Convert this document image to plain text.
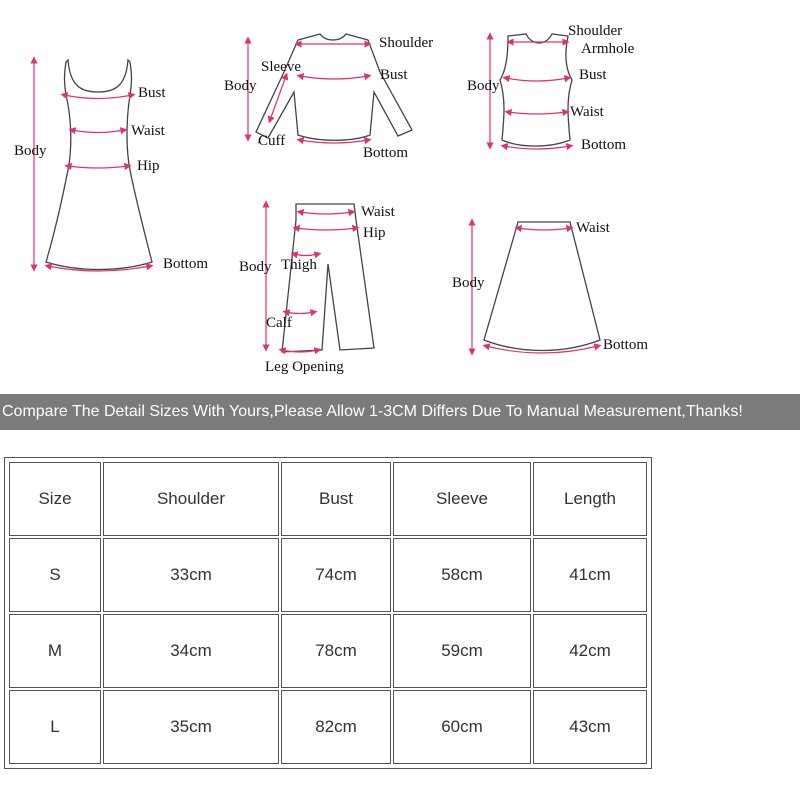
Bust
Waist
Body
Hip
Bottom
Shoulder
Sleeve	Bust
Body
Cuff
Bottom
Shoulder
Armhole
Bust
Body
Waist
Bottom
Waist
Hip
Body Thigh
Calf
Leg Opening
Waist
Body
Bottom
Compare The Detail Sizes With Yours,Please Allow 1-3CM Differs Due To Manual Measurement,Thanks!
Size	Shoulder	Bust	Sleeve	Length
S	33cm	74cm	58cm	41cm
M	34cm	78cm	59cm	42cm
L	35cm	82cm	60cm	43cm
